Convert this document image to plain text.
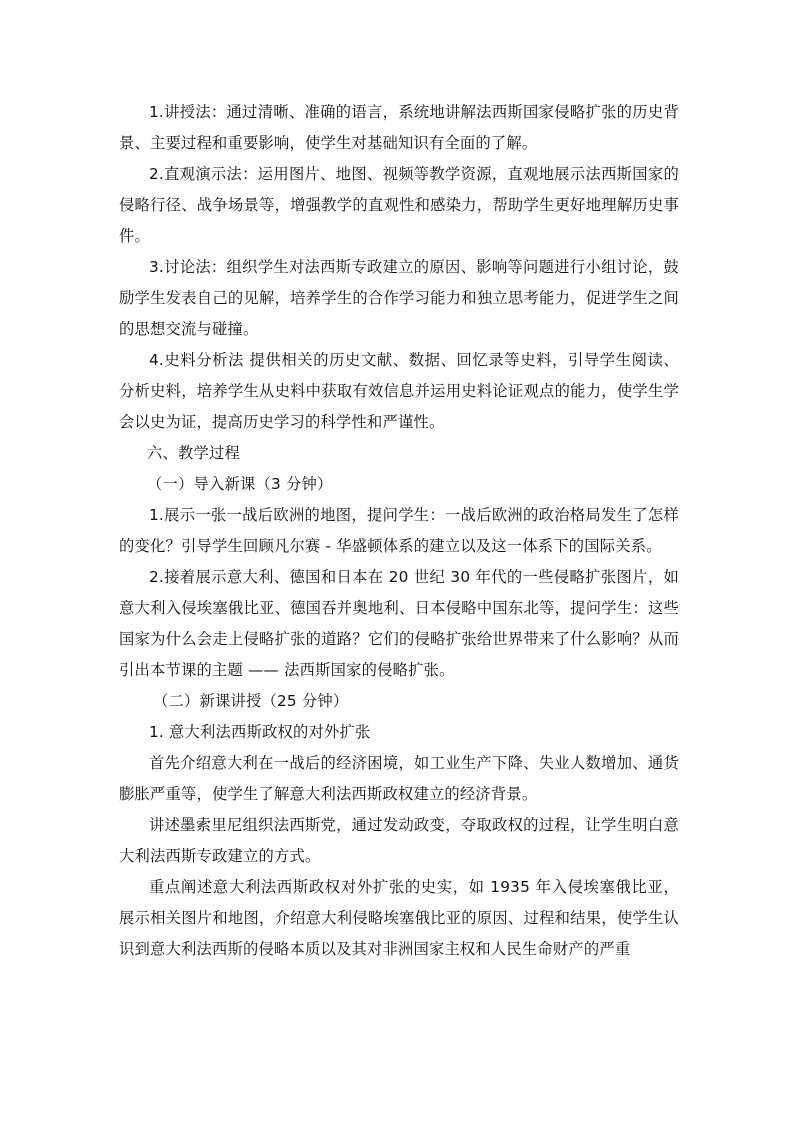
1.讲授法：通过清晰、准确的语言，系统地讲解法西斯国家侵略扩张的历史背景、主要过程和重要影响，使学生对基础知识有全面的了解。

2.直观演示法：运用图片、地图、视频等教学资源，直观地展示法西斯国家的侵略行径、战争场景等，增强教学的直观性和感染力，帮助学生更好地理解历史事件。

3.讨论法：组织学生对法西斯专政建立的原因、影响等问题进行小组讨论，鼓励学生发表自己的见解，培养学生的合作学习能力和独立思考能力，促进学生之间的思想交流与碰撞。

4.史料分析法 提供相关的历史文献、数据、回忆录等史料，引导学生阅读、分析史料，培养学生从史料中获取有效信息并运用史料论证观点的能力，使学生学会以史为证，提高历史学习的科学性和严谨性。

六、教学过程

（一）导入新课（3 分钟）

1.展示一张一战后欧洲的地图，提问学生：一战后欧洲的政治格局发生了怎样的变化？引导学生回顾凡尔赛 - 华盛顿体系的建立以及这一体系下的国际关系。

2.接着展示意大利、德国和日本在 20 世纪 30 年代的一些侵略扩张图片，如意大利入侵埃塞俄比亚、德国吞并奥地利、日本侵略中国东北等，提问学生：这些国家为什么会走上侵略扩张的道路？它们的侵略扩张给世界带来了什么影响？从而引出本节课的主题 —— 法西斯国家的侵略扩张。

（二）新课讲授（25 分钟）

1. 意大利法西斯政权的对外扩张

首先介绍意大利在一战后的经济困境，如工业生产下降、失业人数增加、通货膨胀严重等，使学生了解意大利法西斯政权建立的经济背景。

讲述墨索里尼组织法西斯党，通过发动政变，夺取政权的过程，让学生明白意大利法西斯专政建立的方式。

重点阐述意大利法西斯政权对外扩张的史实，如 1935 年入侵埃塞俄比亚，展示相关图片和地图，介绍意大利侵略埃塞俄比亚的原因、过程和结果，使学生认识到意大利法西斯的侵略本质以及其对非洲国家主权和人民生命财产的严重
